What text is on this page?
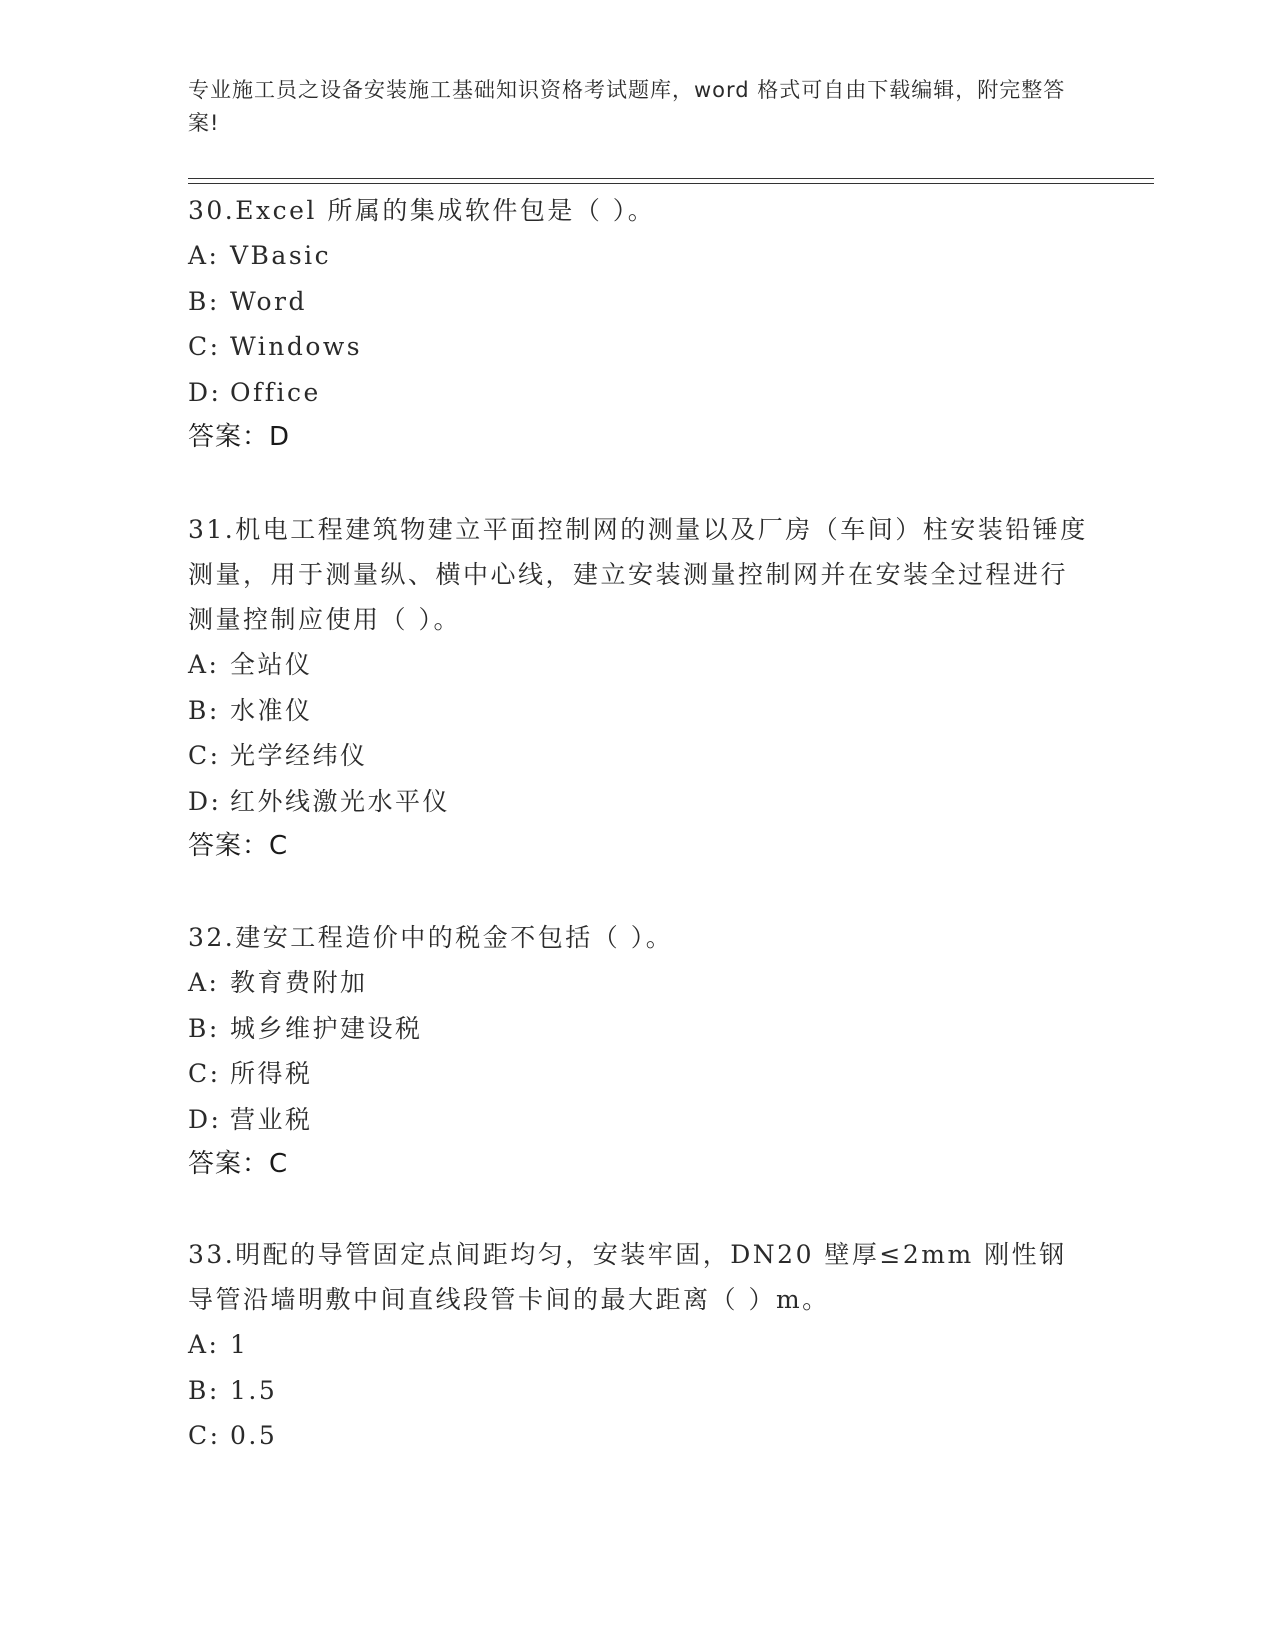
专业施工员之设备安装施工基础知识资格考试题库，word 格式可自由下载编辑，附完整答案!
30.Excel 所属的集成软件包是（ ）。
A: VBasic
B: Word
C: Windows
D: Office
答案：D
31.机电工程建筑物建立平面控制网的测量以及厂房（车间）柱安装铅锤度测量，用于测量纵、横中心线，建立安装测量控制网并在安装全过程进行测量控制应使用（ ）。
A: 全站仪
B: 水准仪
C: 光学经纬仪
D: 红外线激光水平仪
答案：C
32.建安工程造价中的税金不包括（ ）。
A: 教育费附加
B: 城乡维护建设税
C: 所得税
D: 营业税
答案：C
33.明配的导管固定点间距均匀，安装牢固，DN20 壁厚≤2mm 刚性钢导管沿墙明敷中间直线段管卡间的最大距离（ ）m。
A: 1
B: 1.5
C: 0.5
